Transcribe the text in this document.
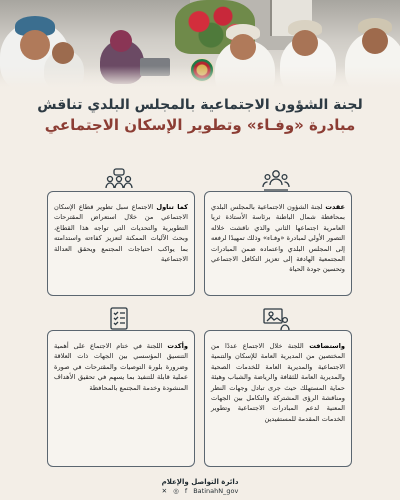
لجنة الشؤون الاجتماعية بالمجلس البلدي تناقش
مبادرة «وفـاء» وتطوير الإسكان الاجتماعي
عقدت لجنة الشؤون الاجتماعية بالمجلس البلدي بمحافظة شمال الباطنة برئاسة الأستاذة ثريا العامرية اجتماعها الثاني والذي ناقشت خلاله التصور الأولي لمبادرة «وفـاء» وذلك تمهيدًا لرفعه إلى المجلس البلدي واعتماده ضمن المبادرات المجتمعية الهادفة إلى تعزيز التكافل الاجتماعي وتحسين جودة الحياة
كما تناول الاجتماع سبل تطوير قطاع الإسكان الاجتماعي من خلال استعراض المقترحات التطويرية والتحديات التي تواجه هذا القطاع، وبحث الآليات الممكنة لتعزيز كفاءته واستدامته بما يواكب احتياجات المجتمع ويحقق العدالة الاجتماعية
واستضافت اللجنة خلال الاجتماع عددًا من المختصين من المديرية العامة للإسكان والتنمية الاجتماعية والمديرية العامة للخدمات الصحية والمديرية العامة للثقافة والرياضة والشباب وهيئة حماية المستهلك حيث جرى تبادل وجهات النظر ومناقشة الرؤى المشتركة والتكامل بين الجهات المعنية لدعم المبادرات الاجتماعية وتطوير الخدمات المقدمة للمستفيدين
وأكدت اللجنة في ختام الاجتماع على أهمية التنسيق المؤسسي بين الجهات ذات العلاقة وضرورة بلورة التوصيات والمقترحات في صورة عملية قابلة للتنفيذ بما يسهم في تحقيق الأهداف المنشودة وخدمة المجتمع بالمحافظة
دائرة التواصل والإعلام
✕ ◎ f BatinahN_gov
